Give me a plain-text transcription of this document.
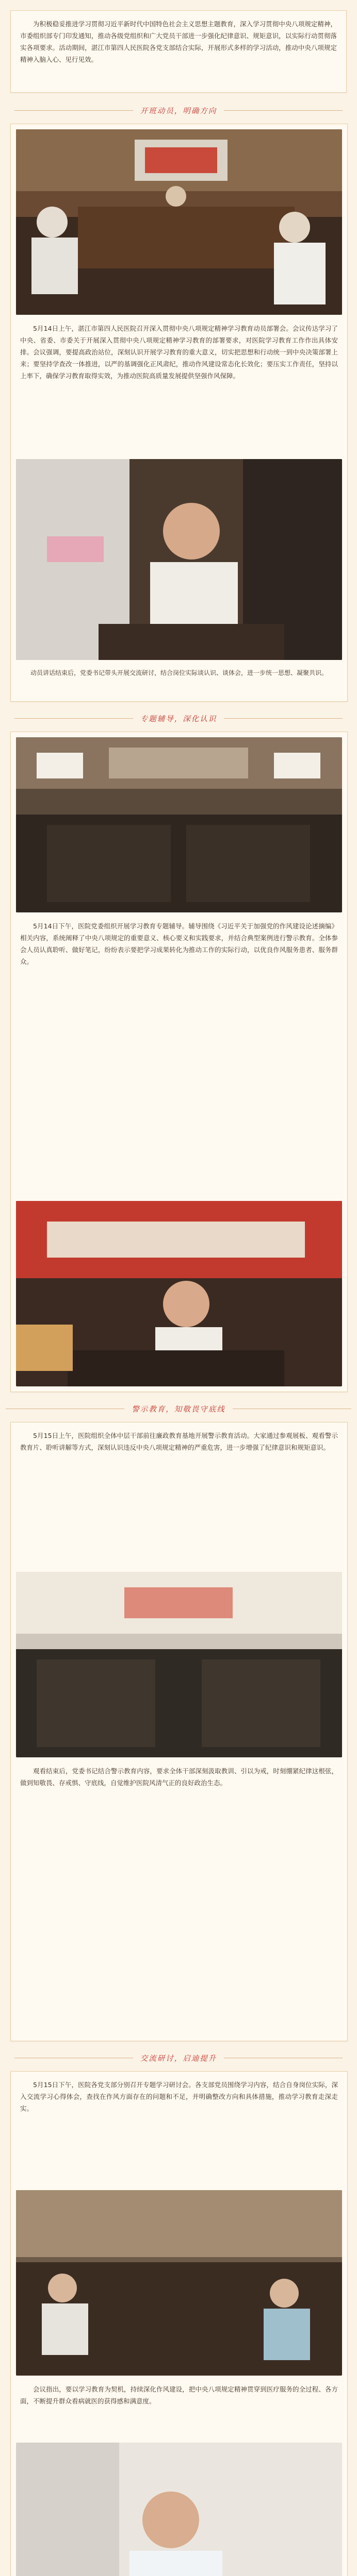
为积极稳妥推进学习贯彻习近平新时代中国特色社会主义思想主题教育，深入学习贯彻中央八项规定精神，市委组织部专门印发通知，推动各级党组织和广大党员干部进一步强化纪律意识、规矩意识，以实际行动贯彻落实各项要求。活动期间，湛江市第四人民医院各党支部结合实际，开展形式多样的学习活动，推动中央八项规定精神入脑入心、见行见效。

开班动员，明确方向

5月14日上午，湛江市第四人民医院召开深入贯彻中央八项规定精神学习教育动员部署会。会议传达学习了中央、省委、市委关于开展深入贯彻中央八项规定精神学习教育的部署要求，对医院学习教育工作作出具体安排。会议强调，要提高政治站位，深刻认识开展学习教育的重大意义，切实把思想和行动统一到中央决策部署上来；要坚持学查改一体推进，以严的基调强化正风肃纪，推动作风建设常态化长效化；要压实工作责任，坚持以上率下，确保学习教育取得实效，为推动医院高质量发展提供坚强作风保障。

动员讲话结束后，党委书记带头开展交流研讨，结合岗位实际谈认识、谈体会，进一步统一思想、凝聚共识。

专题辅导，深化认识

5月14日下午，医院党委组织开展学习教育专题辅导。辅导围绕《习近平关于加强党的作风建设论述摘编》相关内容，系统阐释了中央八项规定的重要意义、核心要义和实践要求，并结合典型案例进行警示教育。全体参会人员认真聆听、做好笔记，纷纷表示要把学习成果转化为推动工作的实际行动，以优良作风服务患者、服务群众。

警示教育，知敬畏守底线

5月15日上午，医院组织全体中层干部前往廉政教育基地开展警示教育活动。大家通过参观展板、观看警示教育片、聆听讲解等方式，深刻认识违反中央八项规定精神的严重危害，进一步增强了纪律意识和规矩意识。

观看结束后，党委书记结合警示教育内容，要求全体干部深刻汲取教训、引以为戒，时刻绷紧纪律这根弦，做到知敬畏、存戒惧、守底线，自觉维护医院风清气正的良好政治生态。

交流研讨，启迪提升

5月15日下午，医院各党支部分别召开专题学习研讨会。各支部党员围绕学习内容，结合自身岗位实际，深入交流学习心得体会，查找在作风方面存在的问题和不足，并明确整改方向和具体措施，推动学习教育走深走实。

会议指出，要以学习教育为契机，持续深化作风建设，把中央八项规定精神贯穿到医疗服务的全过程、各方面，不断提升群众看病就医的获得感和满意度。
